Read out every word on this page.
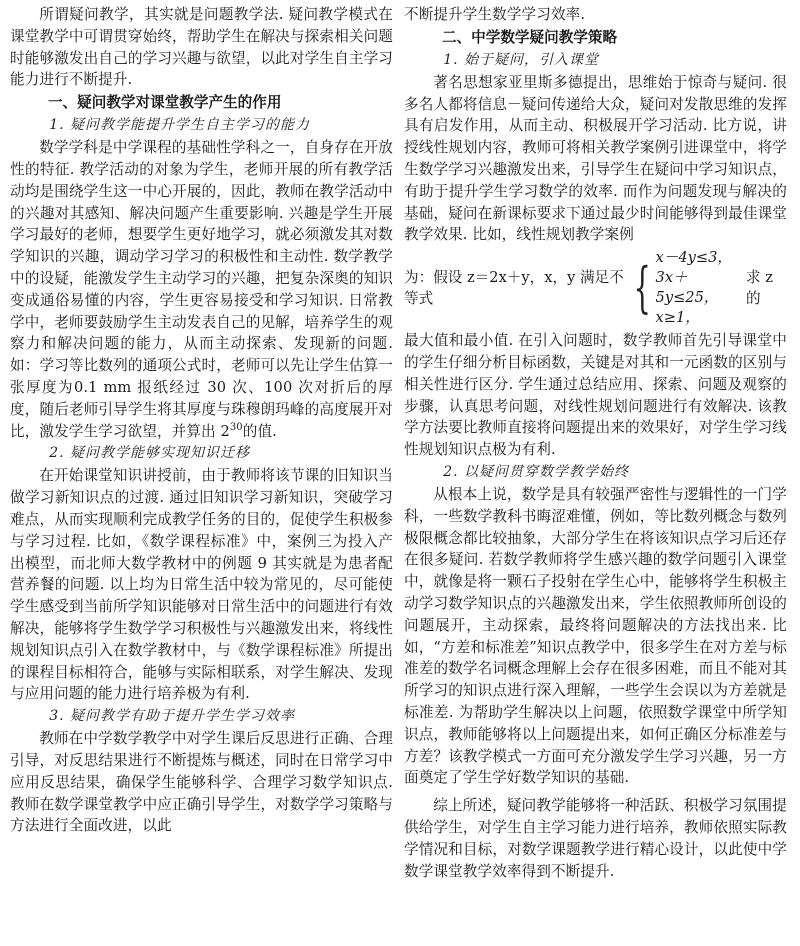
所谓疑问教学，其实就是问题教学法. 疑问教学模式在课堂教学中可谓贯穿始终，帮助学生在解决与探索相关问题时能够激发出自己的学习兴趣与欲望，以此对学生自主学习能力进行不断提升.

一、疑问教学对课堂教学产生的作用

1. 疑问教学能提升学生自主学习的能力

数学学科是中学课程的基础性学科之一，自身存在开放性的特征. 教学活动的对象为学生，老师开展的所有教学活动均是围绕学生这一中心开展的，因此，教师在教学活动中的兴趣对其感知、解决问题产生重要影响. 兴趣是学生开展学习最好的老师，想要学生更好地学习，就必须激发其对数学知识的兴趣，调动学习学习的积极性和主动性. 数学教学中的设疑，能激发学生主动学习的兴趣，把复杂深奥的知识变成通俗易懂的内容，学生更容易接受和学习知识. 日常教学中，老师要鼓励学生主动发表自己的见解，培养学生的观察力和解决问题的能力，从而主动探索、发现新的问题. 如：学习等比数列的通项公式时，老师可以先让学生估算一张厚度为0.1 mm 报纸经过 30 次、100 次对折后的厚度，随后老师引导学生将其厚度与珠穆朗玛峰的高度展开对比，激发学生学习欲望，并算出 $2^{30}$的值.

2. 疑问教学能够实现知识迁移

在开始课堂知识讲授前，由于教师将该节课的旧知识当做学习新知识点的过渡. 通过旧知识学习新知识，突破学习难点，从而实现顺利完成教学任务的目的，促使学生积极参与学习过程. 比如，《数学课程标准》中，案例三为投入产出模型，而北师大数学教材中的例题 9 其实就是为患者配营养餐的问题. 以上均为日常生活中较为常见的，尽可能使学生感受到当前所学知识能够对日常生活中的问题进行有效解决，能够将学生数学学习积极性与兴趣激发出来，将线性规划知识点引入在数学教材中，与《数学课程标准》所提出的课程目标相符合，能够与实际相联系，对学生解决、发现与应用问题的能力进行培养极为有利.

3. 疑问教学有助于提升学生学习效率

教师在中学数学教学中对学生课后反思进行正确、合理引导，对反思结果进行不断提炼与概述，同时在日常学习中应用反思结果，确保学生能够科学、合理学习数学知识点. 教师在数学课堂教学中应正确引导学生，对数学学习策略与方法进行全面改进，以此

不断提升学生数学学习效率.

二、中学数学疑问教学策略

1. 始于疑问，引入课堂

著名思想家亚里斯多德提出，思维始于惊奇与疑问. 很多名人都将信息－疑问传递给大众，疑问对发散思维的发挥具有启发作用，从而主动、积极展开学习活动. 比方说，讲授线性规划内容，教师可将相关教学案例引进课堂中，将学生数学学习兴趣激发出来，引导学生在疑问中学习知识点，有助于提升学生学习数学的效率. 而作为问题发现与解决的基础，疑问在新课标要求下通过最少时间能够得到最佳课堂教学效果. 比如，线性规划教学案例

为：假设 z＝2x＋y，x，y 满足不等式	{ x－4y≤3，
3x＋5y≤25，
x≥1，
求 z 的

最大值和最小值. 在引入问题时，数学教师首先引导课堂中的学生仔细分析目标函数，关键是对其和一元函数的区别与相关性进行区分. 学生通过总结应用、探索、问题及观察的步骤，认真思考问题，对线性规划问题进行有效解决. 该教学方法要比教师直接将问题提出来的效果好，对学生学习线性规划知识点极为有利.

2. 以疑问贯穿数学教学始终

从根本上说，数学是具有较强严密性与逻辑性的一门学科，一些数学教科书晦涩难懂，例如，等比数列概念与数列极限概念都比较抽象，大部分学生在将该知识点学习后还存在很多疑问. 若数学教师将学生感兴趣的数学问题引入课堂中，就像是将一颗石子投射在学生心中，能够将学生积极主动学习数学知识点的兴趣激发出来，学生依照教师所创设的问题展开，主动探索，最终将问题解决的方法找出来. 比如，“方差和标准差”知识点教学中，很多学生在对方差与标准差的数学名词概念理解上会存在很多困难，而且不能对其所学习的知识点进行深入理解，一些学生会误以为方差就是标准差. 为帮助学生解决以上问题，依照数学课堂中所学知识点，教师能够将以上问题提出来，如何正确区分标准差与方差？该教学模式一方面可充分激发学生学习兴趣，另一方面奠定了学生学好数学知识的基础.

综上所述，疑问教学能够将一种活跃、积极学习氛围提供给学生，对学生自主学习能力进行培养，教师依照实际教学情况和目标，对数学课题教学进行精心设计，以此使中学数学课堂教学效率得到不断提升.
